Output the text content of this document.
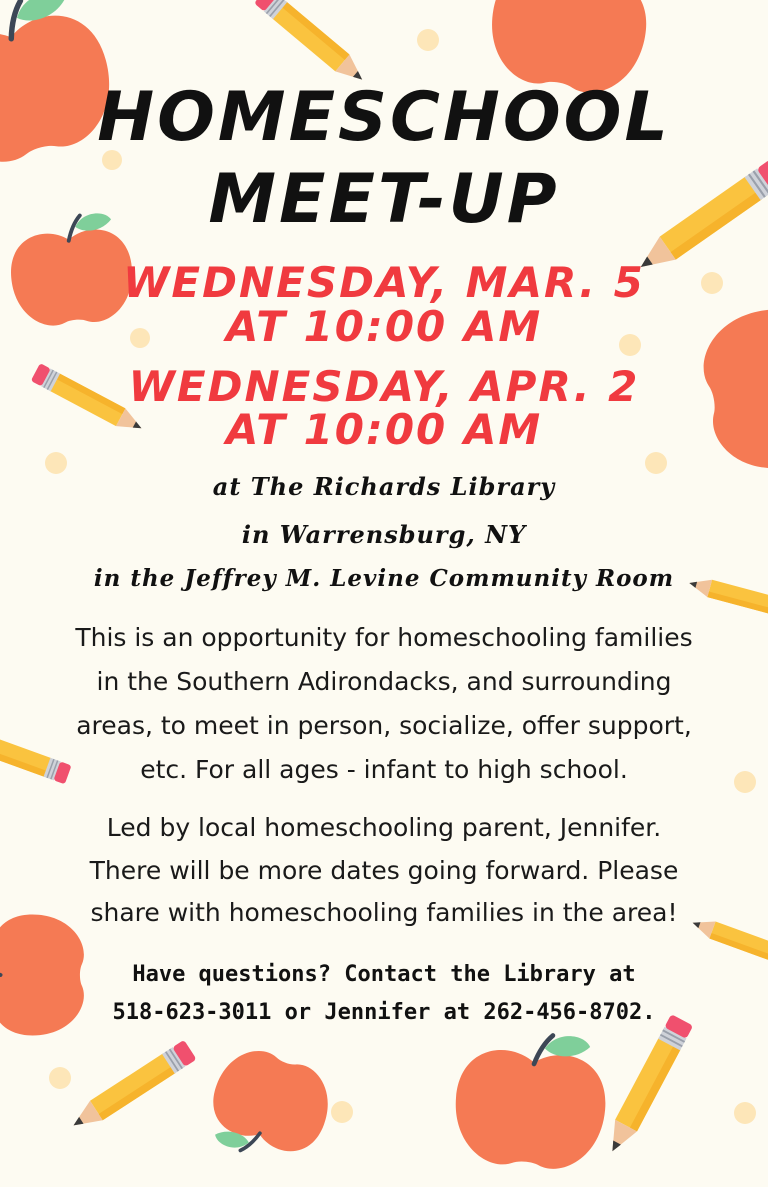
HOMESCHOOL
MEET-UP
WEDNESDAY, MAR. 5
AT 10:00 AM
WEDNESDAY, APR. 2
AT 10:00 AM
at The Richards Library
in Warrensburg, NY
in the Jeffrey M. Levine Community Room

This is an opportunity for homeschooling families

in the Southern Adirondacks, and surrounding

areas, to meet in person, socialize, offer support,

etc. For all ages - infant to high school.

Led by local homeschooling parent, Jennifer.

There will be more dates going forward. Please

share with homeschooling families in the area!

Have questions? Contact the Library at

518-623-3011 or Jennifer at 262-456-8702.
